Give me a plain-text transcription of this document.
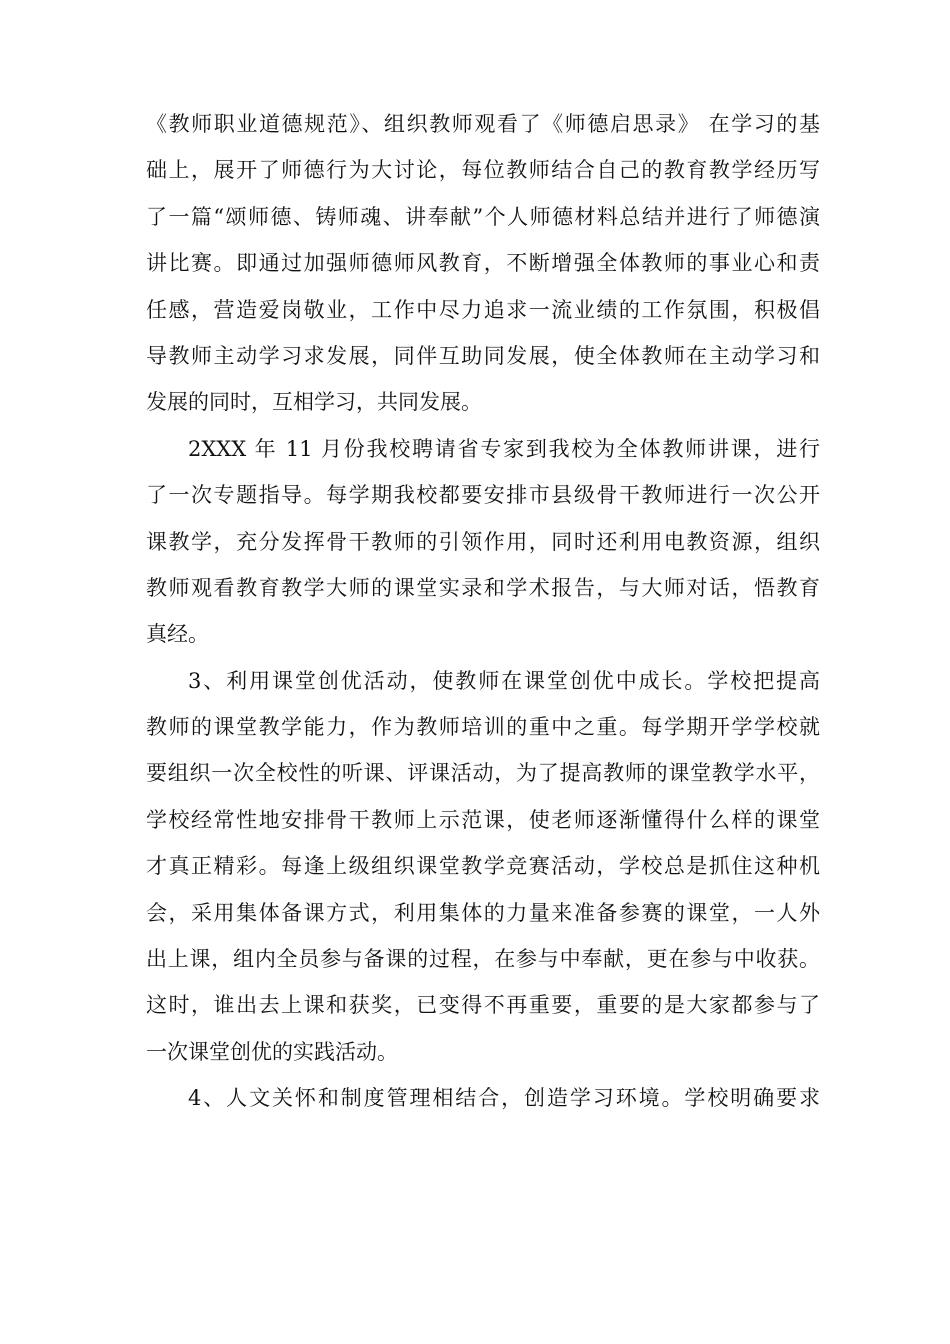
《教师职业道德规范》、组织教师观看了《师德启思录》 在学习的基
础上，展开了师德行为大讨论，每位教师结合自己的教育教学经历写
了一篇“颂师德、铸师魂、讲奉献”个人师德材料总结并进行了师德演
讲比赛。即通过加强师德师风教育，不断增强全体教师的事业心和责
任感，营造爱岗敬业，工作中尽力追求一流业绩的工作氛围，积极倡
导教师主动学习求发展，同伴互助同发展，使全体教师在主动学习和
发展的同时，互相学习，共同发展。

2XXX 年 11 月份我校聘请省专家到我校为全体教师讲课，进行
了一次专题指导。每学期我校都要安排市县级骨干教师进行一次公开
课教学，充分发挥骨干教师的引领作用，同时还利用电教资源，组织
教师观看教育教学大师的课堂实录和学术报告，与大师对话，悟教育
真经。

3、利用课堂创优活动，使教师在课堂创优中成长。学校把提高
教师的课堂教学能力，作为教师培训的重中之重。每学期开学学校就
要组织一次全校性的听课、评课活动，为了提高教师的课堂教学水平，
学校经常性地安排骨干教师上示范课，使老师逐渐懂得什么样的课堂
才真正精彩。每逢上级组织课堂教学竞赛活动，学校总是抓住这种机
会，采用集体备课方式，利用集体的力量来准备参赛的课堂，一人外
出上课，组内全员参与备课的过程，在参与中奉献，更在参与中收获。
这时，谁出去上课和获奖，已变得不再重要，重要的是大家都参与了
一次课堂创优的实践活动。

4、人文关怀和制度管理相结合，创造学习环境。学校明确要求
